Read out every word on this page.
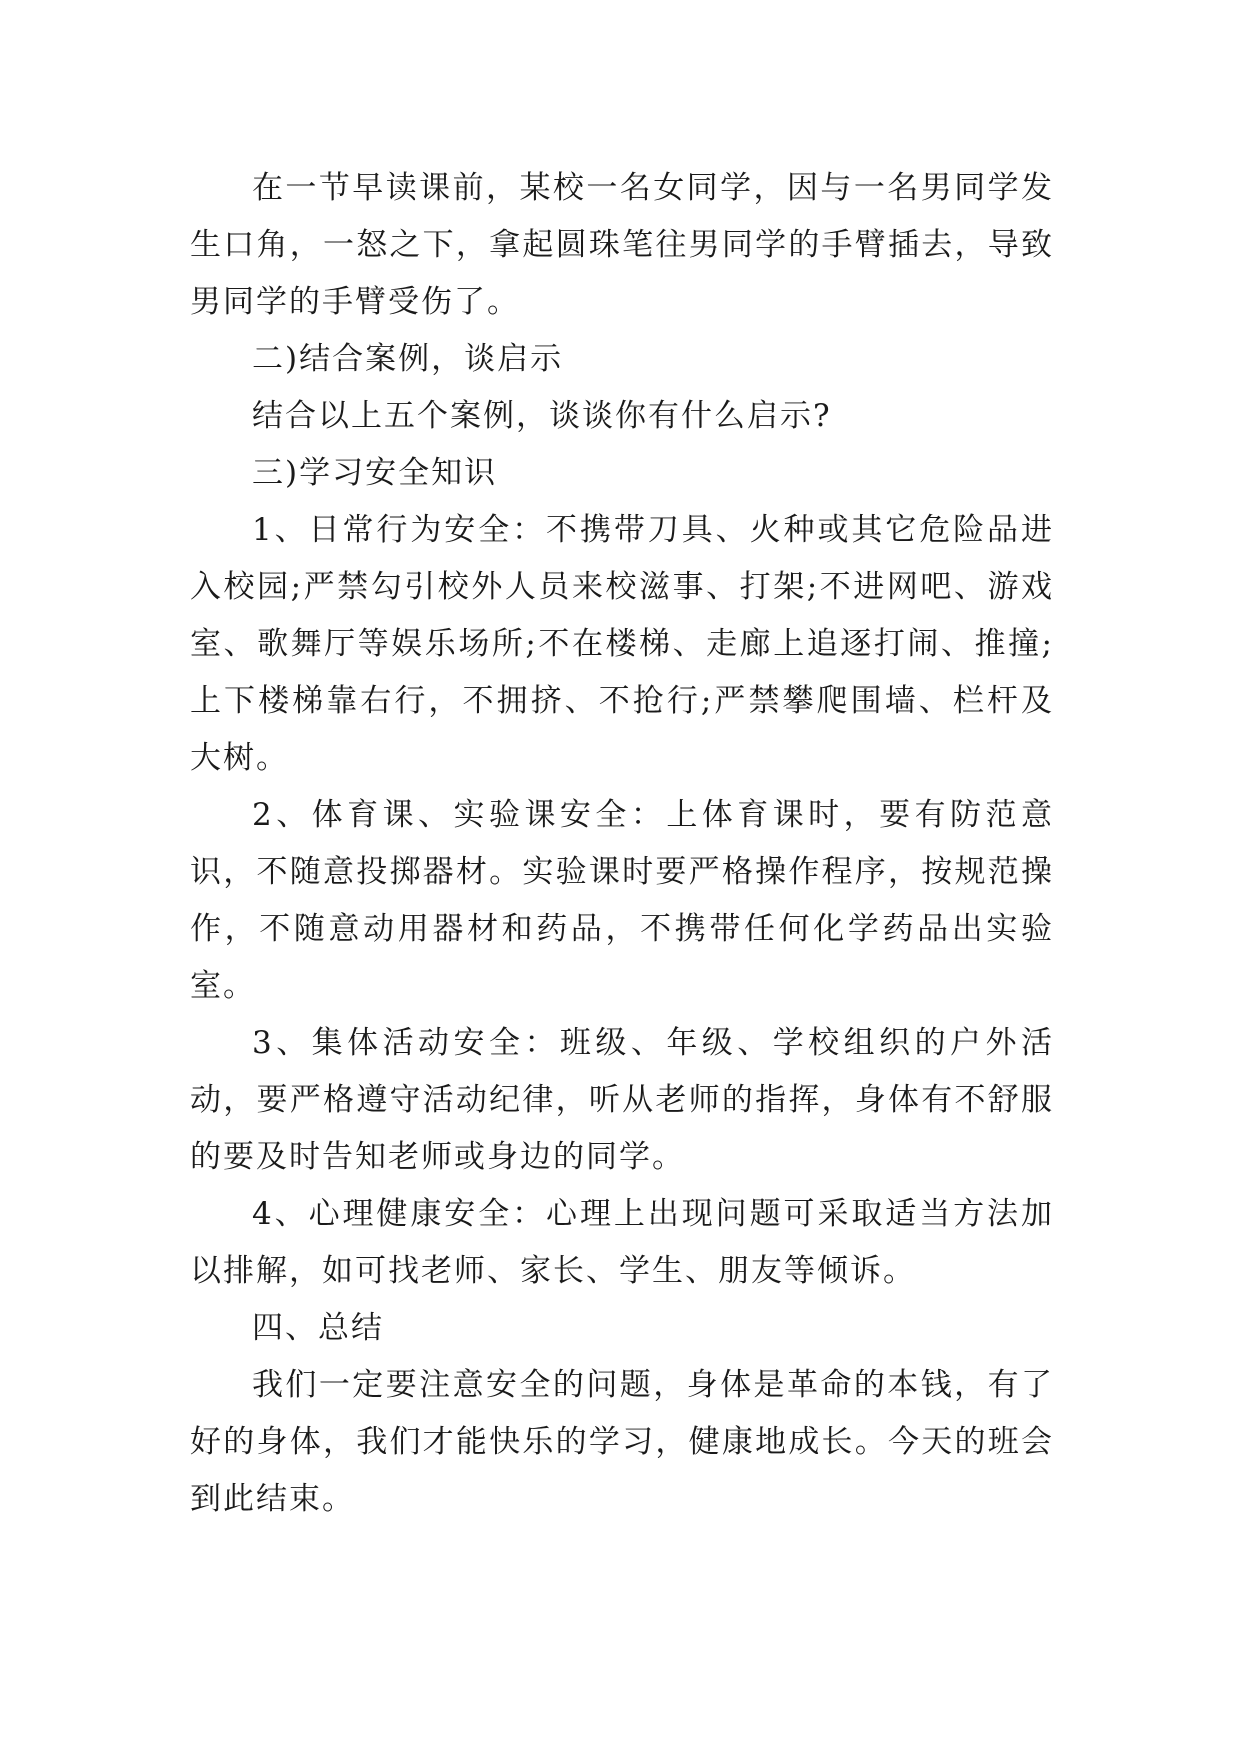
在一节早读课前，某校一名女同学，因与一名男同学发生口角，一怒之下，拿起圆珠笔往男同学的手臂插去，导致男同学的手臂受伤了。

二)结合案例，谈启示

结合以上五个案例，谈谈你有什么启示?

三)学习安全知识

1、日常行为安全：不携带刀具、火种或其它危险品进入校园;严禁勾引校外人员来校滋事、打架;不进网吧、游戏室、歌舞厅等娱乐场所;不在楼梯、走廊上追逐打闹、推撞;上下楼梯靠右行，不拥挤、不抢行;严禁攀爬围墙、栏杆及大树。

2、体育课、实验课安全：上体育课时，要有防范意识，不随意投掷器材。实验课时要严格操作程序，按规范操作，不随意动用器材和药品，不携带任何化学药品出实验室。

3、集体活动安全：班级、年级、学校组织的户外活动，要严格遵守活动纪律，听从老师的指挥，身体有不舒服的要及时告知老师或身边的同学。

4、心理健康安全：心理上出现问题可采取适当方法加以排解，如可找老师、家长、学生、朋友等倾诉。

四、总结

我们一定要注意安全的问题，身体是革命的本钱，有了好的身体，我们才能快乐的学习，健康地成长。今天的班会到此结束。
